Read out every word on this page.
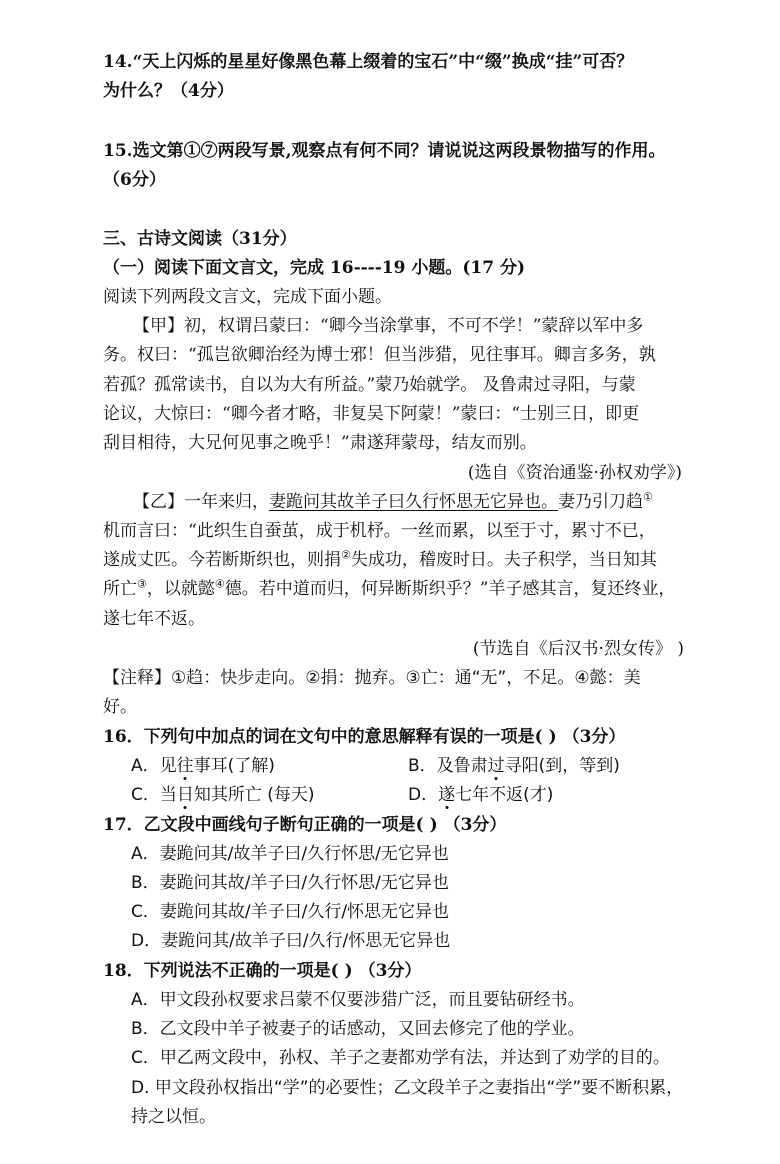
14.“天上闪烁的星星好像黑色幕上缀着的宝石”中“缀”换成“挂”可否？
为什么？（4分）
15.选文第①⑦两段写景,观察点有何不同？请说说这两段景物描写的作用。
（6分）
三、古诗文阅读（31分）
（一）阅读下面文言文，完成 16----19 小题。(17 分)
阅读下列两段文言文，完成下面小题。
【甲】初，权谓吕蒙曰：“卿今当涂掌事，不可不学！”蒙辞以军中多
务。权曰：“孤岂欲卿治经为博士邪！但当涉猎，见往事耳。卿言多务，孰
若孤？孤常读书，自以为大有所益。”蒙乃始就学。 及鲁肃过寻阳，与蒙
论议，大惊曰：“卿今者才略，非复吴下阿蒙！”蒙曰：“士别三日，即更
刮目相待，大兄何见事之晚乎！”肃遂拜蒙母，结友而别。
(选自《资治通鉴·孙权劝学》)
【乙】一年来归，妻跪问其故羊子曰久行怀思无它异也。妻乃引刀趋①
机而言曰：“此织生自蚕茧，成于机杼。一丝而累，以至于寸，累寸不已，
遂成丈匹。今若断斯织也，则捐②失成功，稽废时日。夫子积学，当日知其
所亡③，以就懿④德。若中道而归，何异断斯织乎？”羊子感其言，复还终业，
遂七年不返。
(节选自《后汉书·烈女传》 )
【注释】①趋：快步走向。②捐：抛弃。③亡：通“无”，不足。④懿：美
好。
16．下列句中加点的词在文句中的意思解释有误的一项是( ) （3分）
A．见往事耳(了解)	B．及鲁肃过寻阳(到，等到)
C．当日知其所亡 (每天)	D．遂七年不返(才)
17．乙文段中画线句子断句正确的一项是( ) （3分）
A．妻跪问其/故羊子曰/久行怀思/无它异也
B．妻跪问其故/羊子曰/久行怀思/无它异也
C．妻跪问其故/羊子曰/久行/怀思无它异也
D．妻跪问其/故羊子曰/久行/怀思无它异也
18．下列说法不正确的一项是( ) （3分）
A．甲文段孙权要求吕蒙不仅要涉猎广泛，而且要钻研经书。
B．乙文段中羊子被妻子的话感动，又回去修完了他的学业。
C．甲乙两文段中，孙权、羊子之妻都劝学有法，并达到了劝学的目的。
D. 甲文段孙权指出“学”的必要性；乙文段羊子之妻指出“学”要不断积累，
持之以恒。
